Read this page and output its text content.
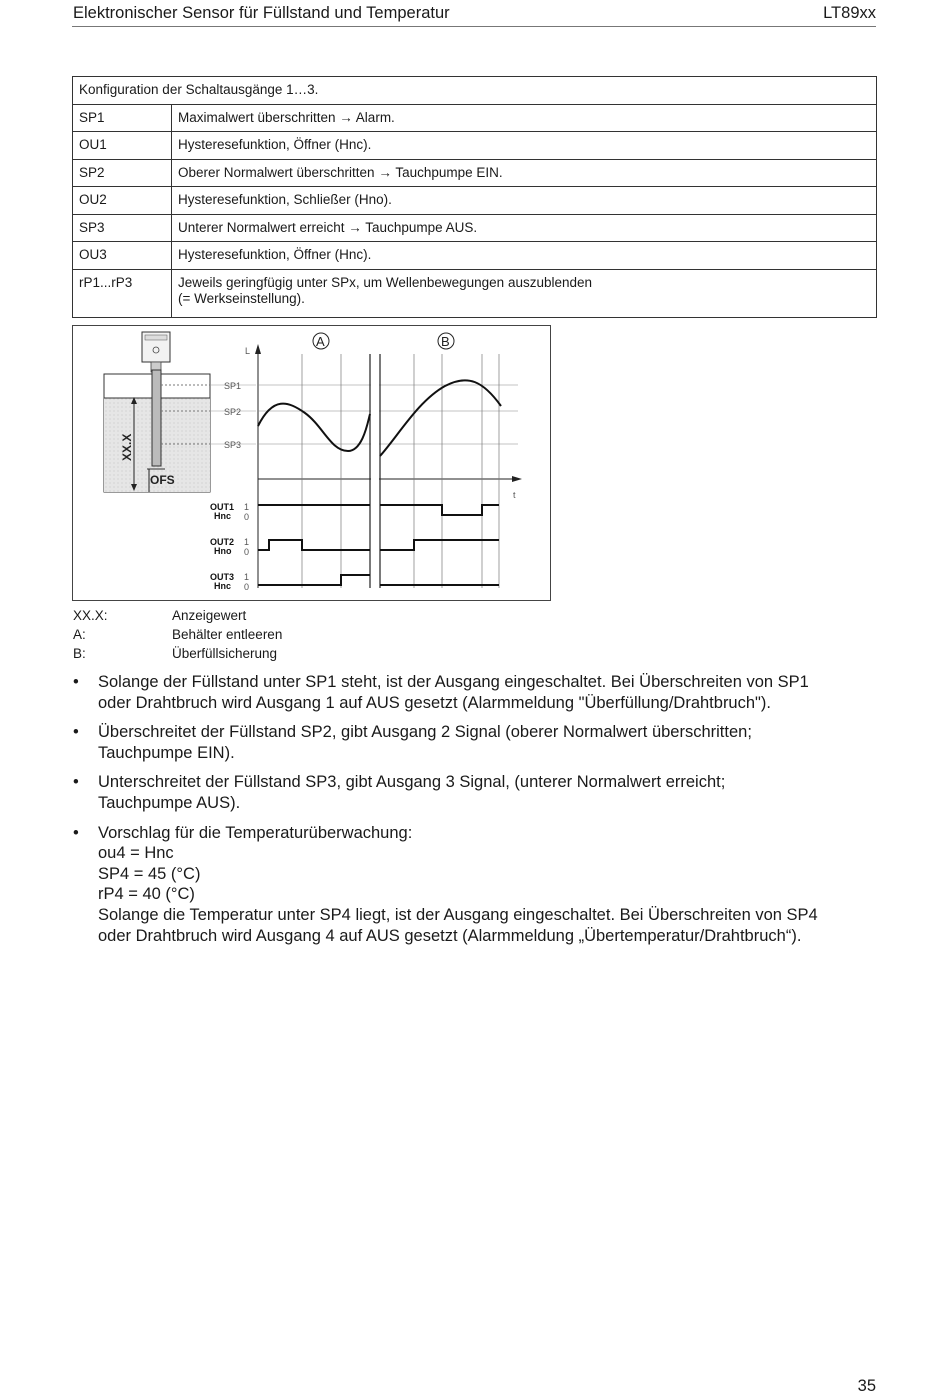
Elektronischer Sensor für Füllstand und Temperatur	LT89xx
Konfiguration der Schaltausgänge 1…3.	
SP1	Maximalwert überschritten → Alarm.
OU1	Hysteresefunktion, Öffner (Hnc).
SP2	Oberer Normalwert überschritten → Tauchpumpe EIN.
OU2	Hysteresefunktion, Schließer (Hno).
SP3	Unterer Normalwert erreicht → Tauchpumpe AUS.
OU3	Hysteresefunktion, Öffner (Hnc).
rP1...rP3	Jeweils geringfügig unter SPx, um Wellenbewegungen auszublenden
(= Werkseinstellung).
SP1
SP2
SP3
XX.X
OFS
L
t
A	B
OUT1
Hnc
OUT2
Hno
OUT3
Hnc
1
0
1
0
1
0
XX.X:	Anzeigewert
A:	Behälter entleeren
B:	Überfüllsicherung
• Solange der Füllstand unter SP1 steht, ist der Ausgang eingeschaltet. Bei Überschreiten von SP1
oder Drahtbruch wird Ausgang 1 auf AUS gesetzt (Alarmmeldung "Überfüllung/Drahtbruch").
• Überschreitet der Füllstand SP2, gibt Ausgang 2 Signal (oberer Normalwert überschritten;
Tauchpumpe EIN).
• Unterschreitet der Füllstand SP3, gibt Ausgang 3 Signal, (unterer Normalwert erreicht;
Tauchpumpe AUS).
• Vorschlag für die Temperaturüberwachung:
ou4 = Hnc
SP4 = 45 (°C)
rP4 = 40 (°C)
Solange die Temperatur unter SP4 liegt, ist der Ausgang eingeschaltet. Bei Überschreiten von SP4
oder Drahtbruch wird Ausgang 4 auf AUS gesetzt (Alarmmeldung „Übertemperatur/Drahtbruch“).
35
